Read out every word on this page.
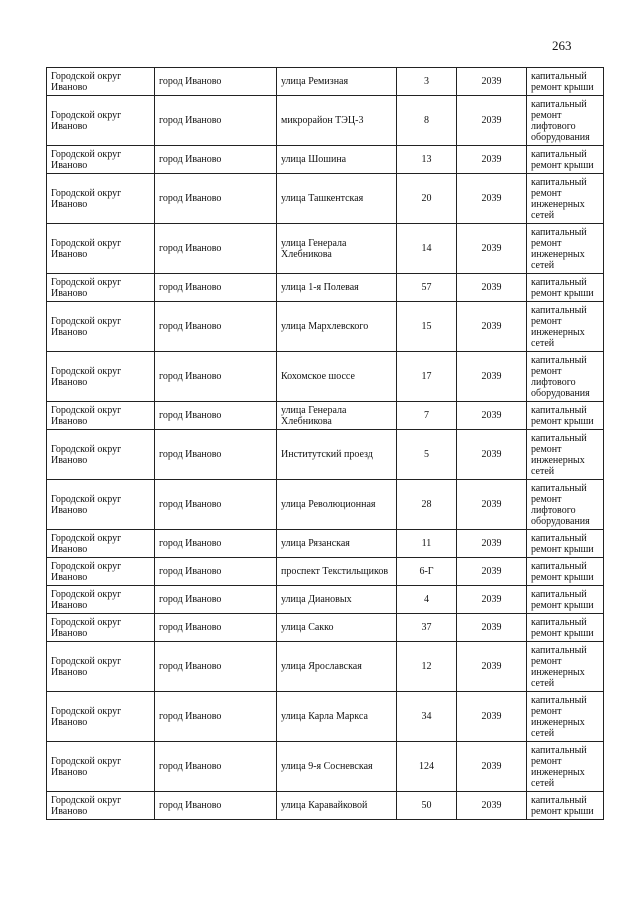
263
Городской округ Иваново	город Иваново	улица Ремизная	3	2039	капитальный ремонт крыши
Городской округ Иваново	город Иваново	микрорайон ТЭЦ-3	8	2039	капитальный ремонт лифтового оборудования
Городской округ Иваново	город Иваново	улица Шошина	13	2039	капитальный ремонт крыши
Городской округ Иваново	город Иваново	улица Ташкентская	20	2039	капитальный ремонт инженерных сетей
Городской округ Иваново	город Иваново	улица Генерала Хлебникова	14	2039	капитальный ремонт инженерных сетей
Городской округ Иваново	город Иваново	улица 1-я Полевая	57	2039	капитальный ремонт крыши
Городской округ Иваново	город Иваново	улица Мархлевского	15	2039	капитальный ремонт инженерных сетей
Городской округ Иваново	город Иваново	Кохомское шоссе	17	2039	капитальный ремонт лифтового оборудования
Городской округ Иваново	город Иваново	улица Генерала Хлебникова	7	2039	капитальный ремонт крыши
Городской округ Иваново	город Иваново	Институтский проезд	5	2039	капитальный ремонт инженерных сетей
Городской округ Иваново	город Иваново	улица Революционная	28	2039	капитальный ремонт лифтового оборудования
Городской округ Иваново	город Иваново	улица Рязанская	11	2039	капитальный ремонт крыши
Городской округ Иваново	город Иваново	проспект Текстильщиков	6-Г	2039	капитальный ремонт крыши
Городской округ Иваново	город Иваново	улица Диановых	4	2039	капитальный ремонт крыши
Городской округ Иваново	город Иваново	улица Сакко	37	2039	капитальный ремонт крыши
Городской округ Иваново	город Иваново	улица Ярославская	12	2039	капитальный ремонт инженерных сетей
Городской округ Иваново	город Иваново	улица Карла Маркса	34	2039	капитальный ремонт инженерных сетей
Городской округ Иваново	город Иваново	улица 9-я Сосневская	124	2039	капитальный ремонт инженерных сетей
Городской округ Иваново	город Иваново	улица Каравайковой	50	2039	капитальный ремонт крыши
